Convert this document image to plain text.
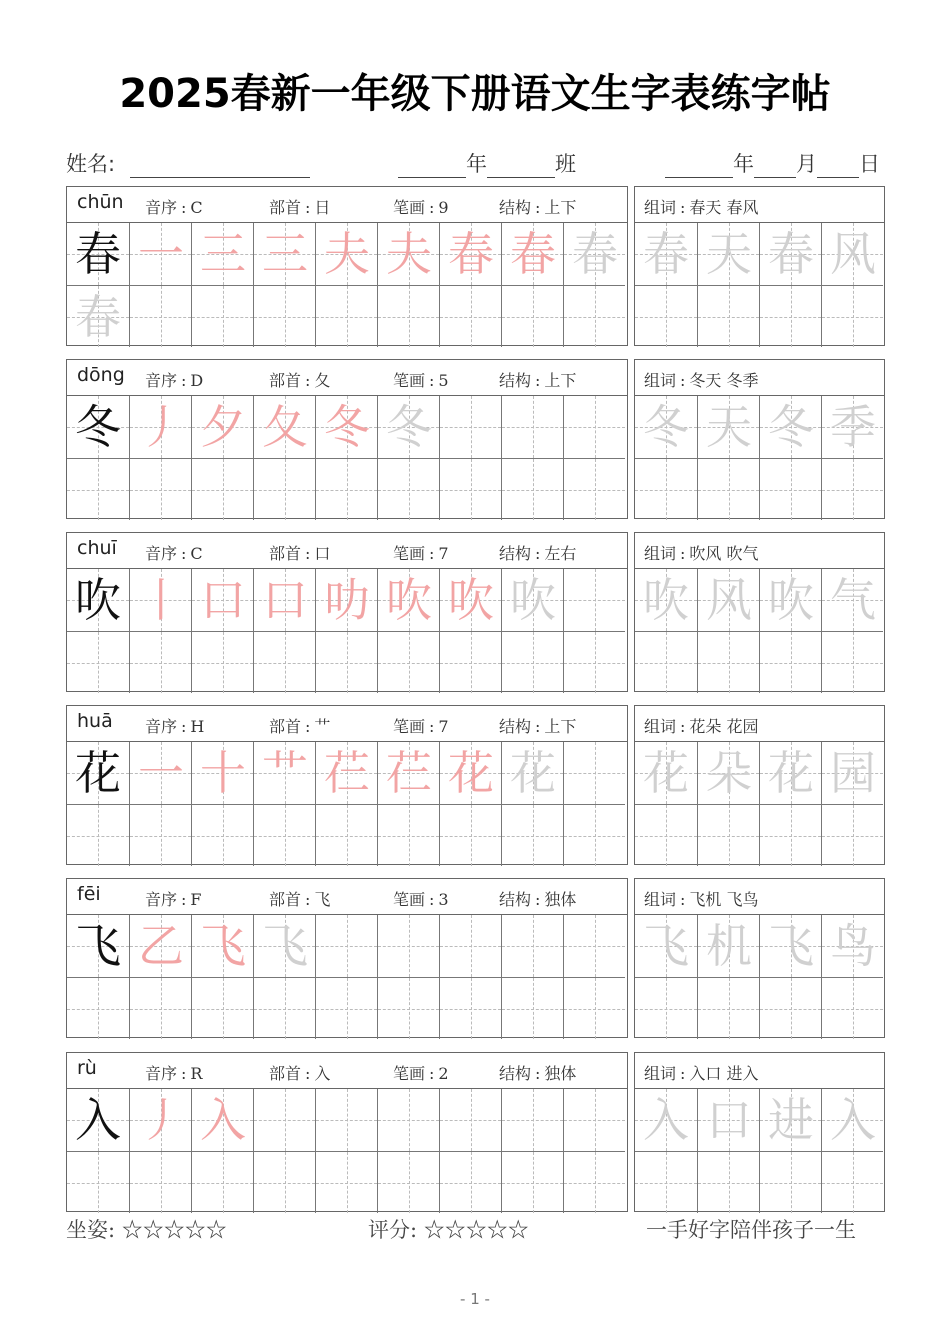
2025春新一年级下册语文生字表练字帖
姓名:	年	班	年 月 日
chūn 音序 : C	部首 : 日	笔画 : 9	结构 : 上下
春 一 三 三 夫 夫 春 春 春
春
组词 : 春天 春风
春 天 春 风
dōng 音序 : D	部首 : 夂	笔画 : 5	结构 : 上下
冬 丿 夕 夂 冬 冬
组词 : 冬天 冬季
冬 天 冬 季
chuī 音序 : C	部首 : 口	笔画 : 7	结构 : 左右
吹 丨 口 口 叻 吹 吹 吹
组词 : 吹风 吹气
吹 风 吹 气
huā 音序 : H	部首 : 艹	笔画 : 7	结构 : 上下
花 一 十 艹 芢 芢 花 花
组词 : 花朵 花园
花 朵 花 园
fēi	音序 : F	部首 : 飞	笔画 : 3	结构 : 独体
飞 乙 飞 飞
组词 : 飞机 飞鸟
飞 机 飞 鸟
rù	音序 : R	部首 : 入	笔画 : 2	结构 : 独体
入 丿 入
组词 : 入口 进入
入 口 进 入
坐姿: ☆☆☆☆☆	评分: ☆☆☆☆☆	一手好字陪伴孩子一生
- 1 -
